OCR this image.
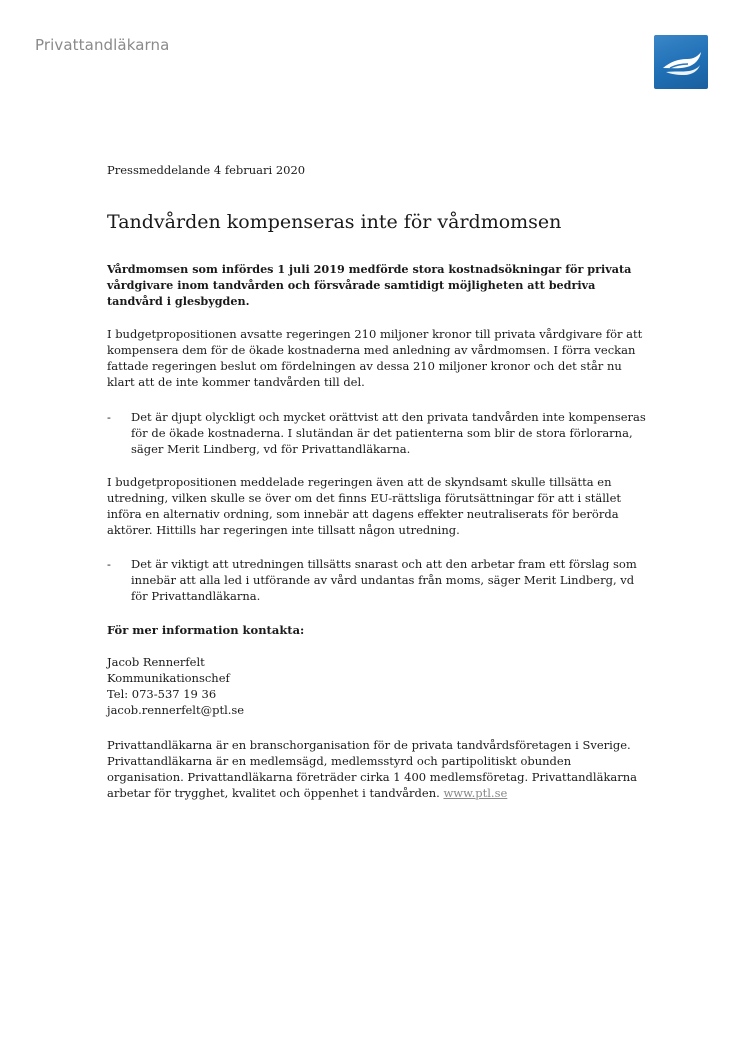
Privattandläkarna
Pressmeddelande 4 februari 2020
Tandvården kompenseras inte för vårdmomsen

Vårdmomsen som infördes 1 juli 2019 medförde stora kostnadsökningar för privata vårdgivare inom tandvården och försvårade samtidigt möjligheten att bedriva tandvård i glesbygden.

I budgetpropositionen avsatte regeringen 210 miljoner kronor till privata vårdgivare för att kompensera dem för de ökade kostnaderna med anledning av vårdmomsen. I förra veckan fattade regeringen beslut om fördelningen av dessa 210 miljoner kronor och det står nu klart att de inte kommer tandvården till del.

-	Det är djupt olyckligt och mycket orättvist att den privata tandvården inte kompenseras för de ökade kostnaderna. I slutändan är det patienterna som blir de stora förlorarna, säger Merit Lindberg, vd för Privattandläkarna.

I budgetpropositionen meddelade regeringen även att de skyndsamt skulle tillsätta en utredning, vilken skulle se över om det finns EU-rättsliga förutsättningar för att i stället införa en alternativ ordning, som innebär att dagens effekter neutraliserats för berörda aktörer. Hittills har regeringen inte tillsatt någon utredning.

-	Det är viktigt att utredningen tillsätts snarast och att den arbetar fram ett förslag som innebär att alla led i utförande av vård undantas från moms, säger Merit Lindberg, vd för Privattandläkarna.
För mer information kontakta:
Jacob Rennerfelt
Kommunikationschef
Tel: 073-537 19 36
jacob.rennerfelt@ptl.se

Privattandläkarna är en branschorganisation för de privata tandvårdsföretagen i Sverige. Privattandläkarna är en medlemsägd, medlemsstyrd och partipolitiskt obunden organisation. Privattandläkarna företräder cirka 1 400 medlemsföretag. Privattandläkarna arbetar för trygghet, kvalitet och öppenhet i tandvården. www.ptl.se
